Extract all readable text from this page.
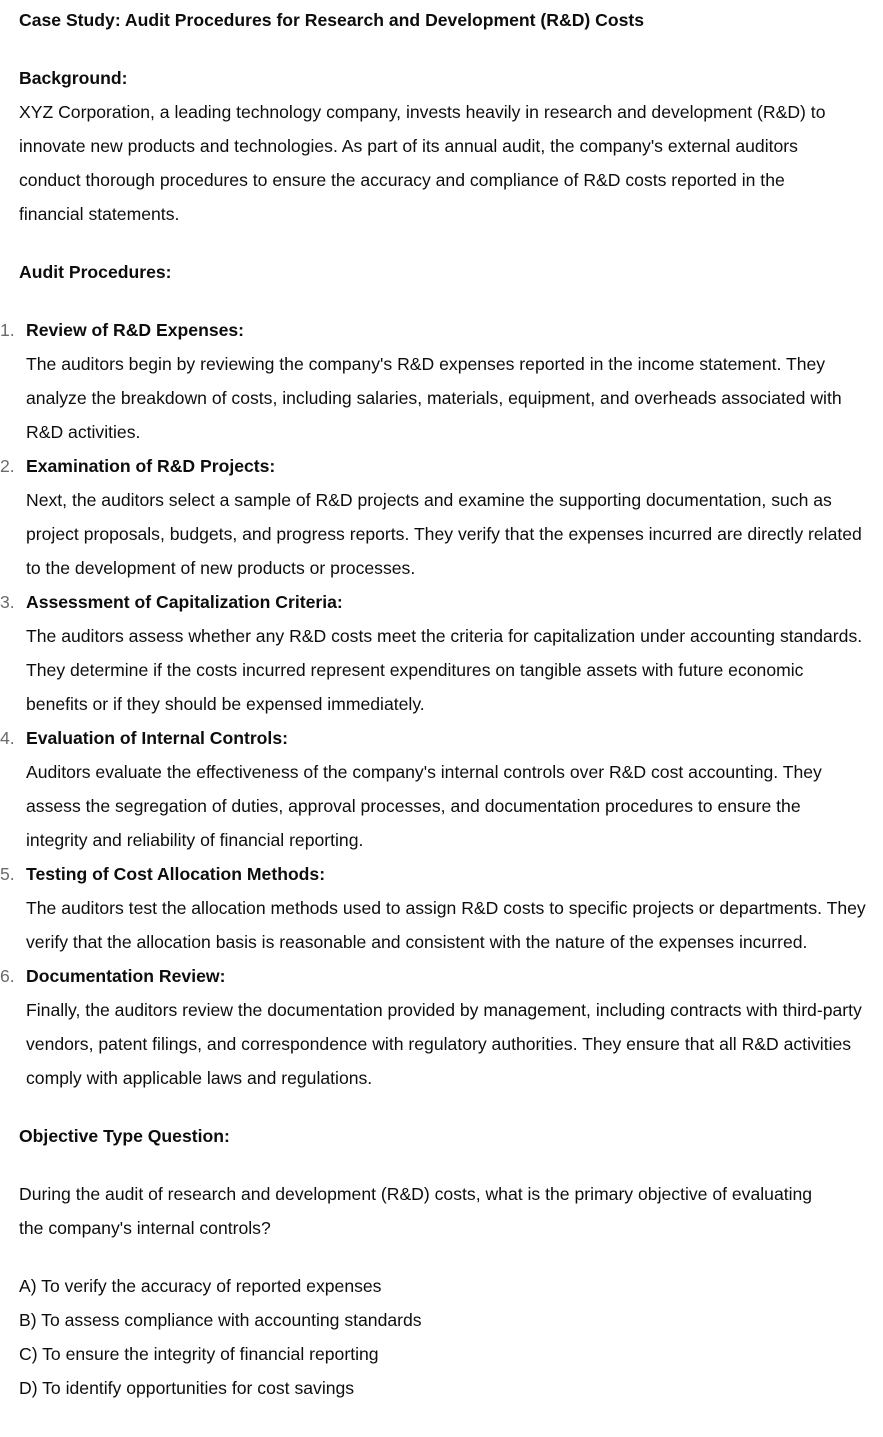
Case Study: Audit Procedures for Research and Development (R&D) Costs

Background:

XYZ Corporation, a leading technology company, invests heavily in research and development (R&D) to innovate new products and technologies. As part of its annual audit, the company's external auditors conduct thorough procedures to ensure the accuracy and compliance of R&D costs reported in the financial statements.

Audit Procedures:

1. Review of R&D Expenses:
The auditors begin by reviewing the company's R&D expenses reported in the income statement. They analyze the breakdown of costs, including salaries, materials, equipment, and overheads associated with R&D activities.
2. Examination of R&D Projects:
Next, the auditors select a sample of R&D projects and examine the supporting documentation, such as project proposals, budgets, and progress reports. They verify that the expenses incurred are directly related to the development of new products or processes.
3. Assessment of Capitalization Criteria:
The auditors assess whether any R&D costs meet the criteria for capitalization under accounting standards. They determine if the costs incurred represent expenditures on tangible assets with future economic benefits or if they should be expensed immediately.
4. Evaluation of Internal Controls:
Auditors evaluate the effectiveness of the company's internal controls over R&D cost accounting. They assess the segregation of duties, approval processes, and documentation procedures to ensure the integrity and reliability of financial reporting.
5. Testing of Cost Allocation Methods:
The auditors test the allocation methods used to assign R&D costs to specific projects or departments. They verify that the allocation basis is reasonable and consistent with the nature of the expenses incurred.
6. Documentation Review:
Finally, the auditors review the documentation provided by management, including contracts with third-party vendors, patent filings, and correspondence with regulatory authorities. They ensure that all R&D activities comply with applicable laws and regulations.

Objective Type Question:

During the audit of research and development (R&D) costs, what is the primary objective of evaluating the company's internal controls?

A) To verify the accuracy of reported expenses
B) To assess compliance with accounting standards
C) To ensure the integrity of financial reporting
D) To identify opportunities for cost savings
